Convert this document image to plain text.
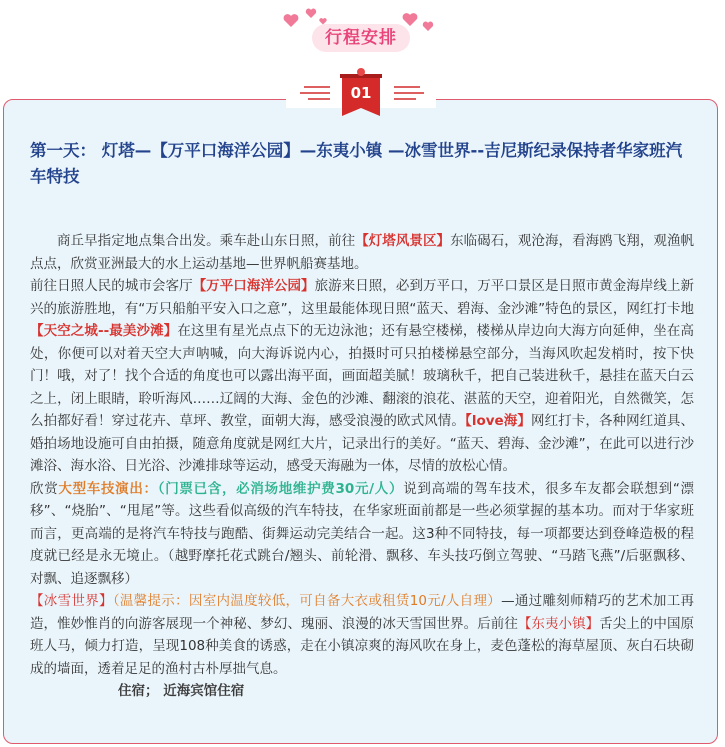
行程安排
01

第一天： 灯塔—【万平口海洋公园】—东夷小镇 —冰雪世界--吉尼斯纪录保持者华家班汽车特技

商丘早指定地点集合出发。乘车赴山东日照，前往【灯塔风景区】东临碣石，观沧海，看海鸥飞翔，观渔帆点点，欣赏亚洲最大的水上运动基地—世界帆船赛基地。

前往日照人民的城市会客厅【万平口海洋公园】旅游来日照，必到万平口，万平口景区是日照市黄金海岸线上新兴的旅游胜地，有“万只船舶平安入口之意”，这里最能体现日照“蓝天、碧海、金沙滩”特色的景区，网红打卡地【天空之城--最美沙滩】在这里有星光点点下的无边泳池；还有悬空楼梯，楼梯从岸边向大海方向延伸，坐在高处，你便可以对着天空大声呐喊，向大海诉说内心，拍摄时可只拍楼梯悬空部分，当海风吹起发梢时，按下快门！哦，对了！找个合适的角度也可以露出海平面，画面超美腻！玻璃秋千，把自己装进秋千，悬挂在蓝天白云之上，闭上眼睛，聆听海风……辽阔的大海、金色的沙滩、翻滚的浪花、湛蓝的天空，迎着阳光，自然微笑，怎么拍都好看！穿过花卉、草坪、教堂，面朝大海，感受浪漫的欧式风情。【love海】网红打卡，各种网红道具、婚拍场地设施可自由拍摄，随意角度就是网红大片，记录出行的美好。“蓝天、碧海、金沙滩”，在此可以进行沙滩浴、海水浴、日光浴、沙滩排球等运动，感受天海融为一体，尽情的放松心情。

欣赏大型车技演出：（门票已含，必消场地维护费30元/人）说到高端的驾车技术，很多车友都会联想到“漂移”、“烧胎”、“甩尾”等。这些看似高级的汽车特技，在华家班面前都是一些必须掌握的基本功。而对于华家班而言，更高端的是将汽车特技与跑酷、街舞运动完美结合一起。这3种不同特技，每一项都要达到登峰造极的程度就已经是永无境止。（越野摩托花式跳台/翘头、前轮滑、飘移、车头技巧倒立驾驶、“马踏飞燕”/后驱飘移、对飘、追逐飘移）

【冰雪世界】（温馨提示：因室内温度较低，可自备大衣或租赁10元/人自理）—通过雕刻师精巧的艺术加工再造，惟妙惟肖的向游客展现一个神秘、梦幻、瑰丽、浪漫的冰天雪国世界。后前往【东夷小镇】舌尖上的中国原班人马，倾力打造，呈现108种美食的诱惑，走在小镇凉爽的海风吹在身上，麦色蓬松的海草屋顶、灰白石块砌成的墙面，透着足足的渔村古朴厚拙气息。

住宿； 近海宾馆住宿
